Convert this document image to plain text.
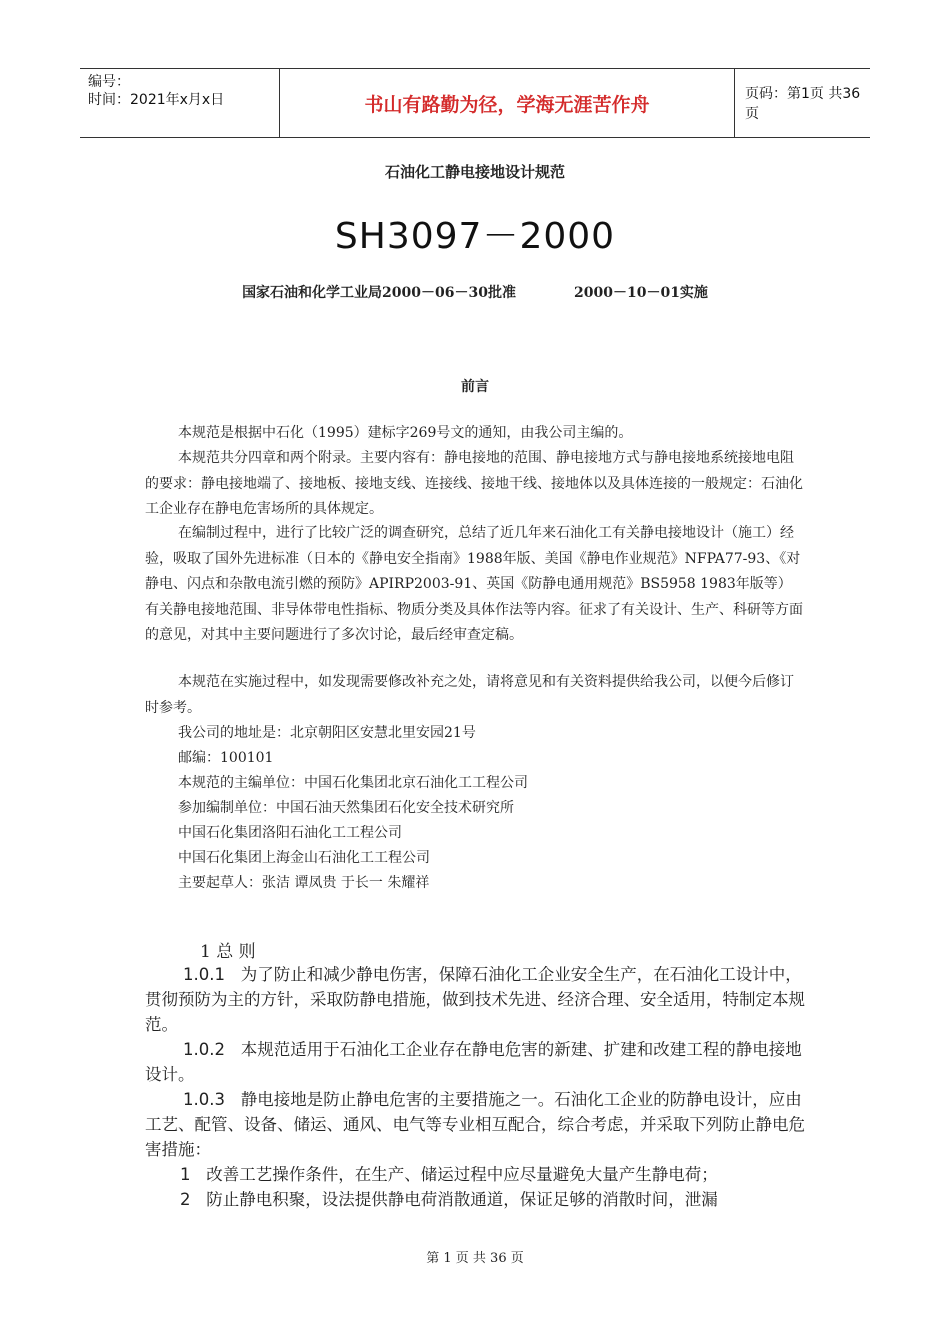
编号：
时间：2021年x月x日	书山有路勤为径，学海无涯苦作舟	页码：第1页 共36页
石油化工静电接地设计规范
SH3097－2000
国家石油和化学工业局2000－06－30批准	2000－10－01实施
前言

本规范是根据中石化（1995）建标字269号文的通知，由我公司主编的。

本规范共分四章和两个附录。主要内容有：静电接地的范围、静电接地方式与静电接地系统接地电阻的要求：静电接地端了、接地板、接地支线、连接线、接地干线、接地体以及具体连接的一般规定：石油化工企业存在静电危害场所的具体规定。

在编制过程中，进行了比较广泛的调查研究，总结了近几年来石油化工有关静电接地设计（施工）经验，吸取了国外先进标准（日本的《静电安全指南》1988年版、美国《静电作业规范》NFPA77-93、《对静电、闪点和杂散电流引燃的预防》APIRP2003-91、英国《防静电通用规范》BS5958 1983年版等）有关静电接地范围、非导体带电性指标、物质分类及具体作法等内容。征求了有关设计、生产、科研等方面的意见，对其中主要问题进行了多次讨论，最后经审查定稿。

本规范在实施过程中，如发现需要修改补充之处，请将意见和有关资料提供给我公司，以便今后修订时参考。

我公司的地址是：北京朝阳区安慧北里安园21号
邮编：100101
本规范的主编单位：中国石化集团北京石油化工工程公司
参加编制单位：中国石油天然集团石化安全技术研究所
中国石化集团洛阳石油化工工程公司
中国石化集团上海金山石油化工工程公司
主要起草人：张洁 谭凤贵 于长一 朱耀祥
1 总 则

1.0.1 为了防止和减少静电伤害，保障石油化工企业安全生产，在石油化工设计中，贯彻预防为主的方针，采取防静电措施，做到技术先进、经济合理、安全适用，特制定本规范。

1.0.2 本规范适用于石油化工企业存在静电危害的新建、扩建和改建工程的静电接地设计。

1.0.3 静电接地是防止静电危害的主要措施之一。石油化工企业的防静电设计，应由工艺、配管、设备、储运、通风、电气等专业相互配合，综合考虑，并采取下列防止静电危害措施：

1 改善工艺操作条件，在生产、储运过程中应尽量避免大量产生静电荷；

2 防止静电积聚，设法提供静电荷消散通道，保证足够的消散时间，泄漏

第 1 页 共 36 页
